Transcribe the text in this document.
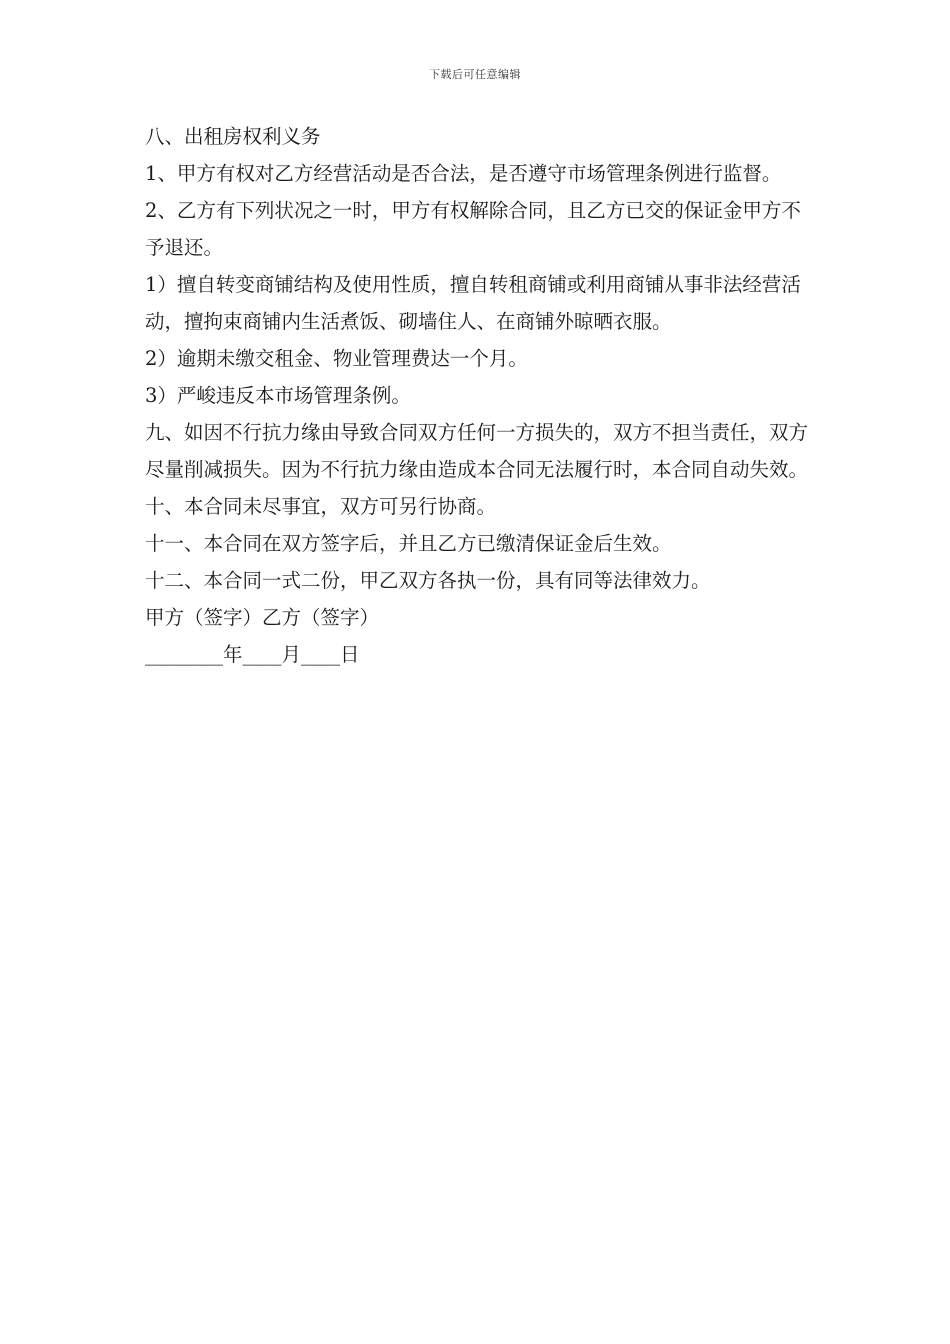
下载后可任意编辑

八、出租房权利义务

1、甲方有权对乙方经营活动是否合法，是否遵守市场管理条例进行监督。

2、乙方有下列状况之一时，甲方有权解除合同，且乙方已交的保证金甲方不予退还。

1）擅自转变商铺结构及使用性质，擅自转租商铺或利用商铺从事非法经营活动，擅拘束商铺内生活煮饭、砌墙住人、在商铺外晾晒衣服。

2）逾期未缴交租金、物业管理费达一个月。

3）严峻违反本市场管理条例。

九、如因不行抗力缘由导致合同双方任何一方损失的，双方不担当责任，双方尽量削减损失。因为不行抗力缘由造成本合同无法履行时，本合同自动失效。

十、本合同未尽事宜，双方可另行协商。

十一、本合同在双方签字后，并且乙方已缴清保证金后生效。

十二、本合同一式二份，甲乙双方各执一份，具有同等法律效力。

甲方（签字）乙方（签字）

________年____月____日
